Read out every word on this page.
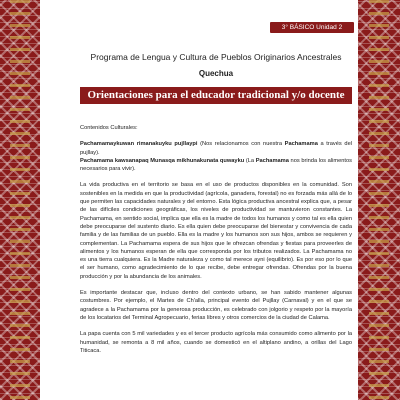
3° BÁSICO Unidad 2
Programa de Lengua y Cultura de Pueblos Originarios Ancestrales
Quechua
Orientaciones para el educador tradicional y/o docente

Contenidos Culturales:

Pachamamaykuwan rimanakuyku pujllaypi (Nos relacionamos con nuestra Pachamama a través del pujllay).
Pachamama kawsanapaq Munasqa mikhunakunata quwayku (La Pachamama nos brinda los alimentos necesarios para vivir).

La vida productiva en el territorio se basa en el uso de productos disponibles en la comunidad. Son sostenibles en la medida en que la productividad (agrícola, ganadera, forestal) no es forzada más allá de lo que permiten las capacidades naturales y del entorno. Esta lógica productiva ancestral explica que, a pesar de las difíciles condiciones geográficas, los niveles de productividad se mantuvieron constantes. La Pachamama, en sentido social, implica que ella es la madre de todos los humanos y como tal es ella quien debe preocuparse del sustento diario. Es ella quien debe preocuparse del bienestar y convivencia de cada familia y de las familias de un pueblo. Ella es la madre y los humanos son sus hijos, ambos se requieren y complementan. La Pachamama espera de sus hijos que le ofrezcan ofrendas y fiestas para proveerles de alimentos y los humanos esperan de ella que corresponda por los tributos realizados. La Pachamama no es una tierra cualquiera. Es la Madre naturaleza y como tal merece ayni (equilibrio). Es por eso por lo que el ser humano, como agradecimiento de lo que recibe, debe entregar ofrendas. Ofrendas por la buena producción y por la abundancia de los animales.

Es importante destacar que, incluso dentro del contexto urbano, se han sabido mantener algunas costumbres. Por ejemplo, el Martes de Ch'alla, principal evento del Pujllay (Carnaval) y en el que se agradece a la Pachamama por la generosa producción, es celebrado con jolgorio y respeto por la mayoría de los locatarios del Terminal Agropecuario, ferias libres y otros comercios de la ciudad de Calama.

La papa cuenta con 5 mil variedades y es el tercer producto agrícola más consumido como alimento por la humanidad, se remonta a 8 mil años, cuando se domesticó en el altiplano andino, a orillas del Lago Titicaca.
